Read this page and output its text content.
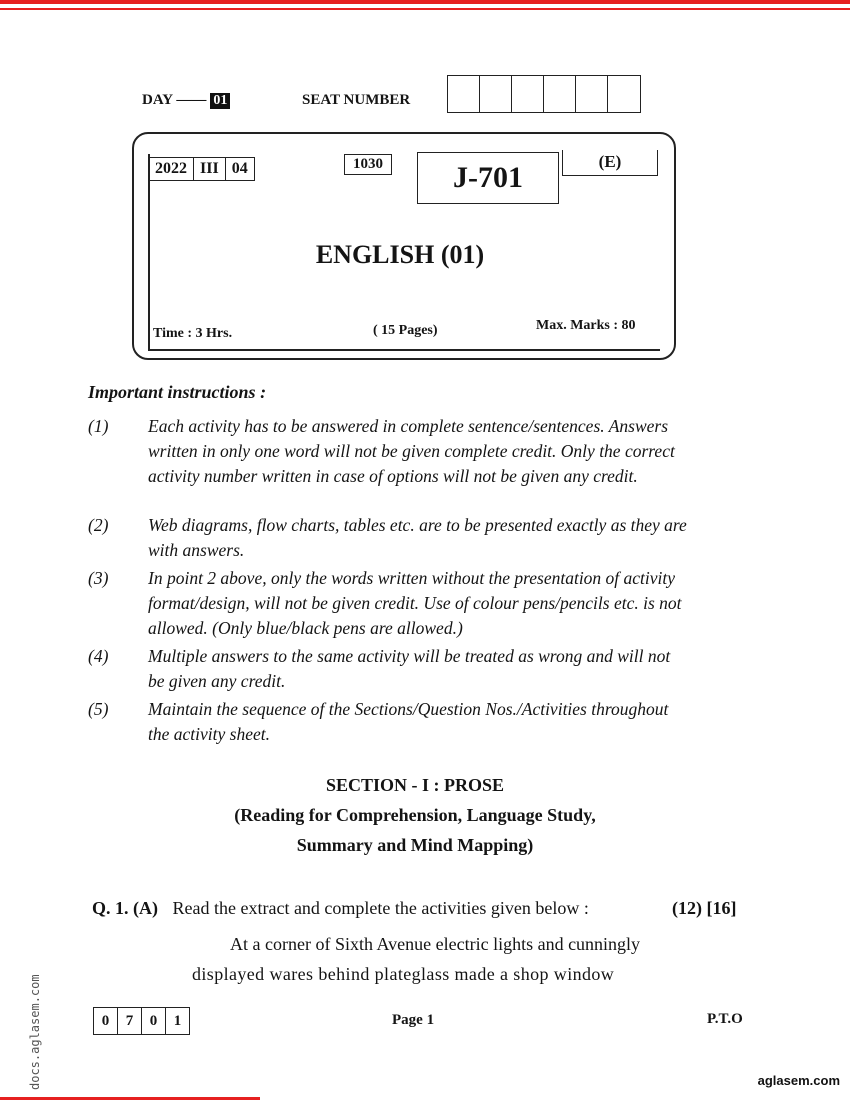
DAY —— 01	SEAT NUMBER
2022 III 04	1030	J-701	(E)
ENGLISH (01)
Time : 3 Hrs.	( 15 Pages)	Max. Marks : 80
Important instructions :
(1)	Each activity has to be answered in complete sentence/sentences. Answers written in only one word will not be given complete credit. Only the correct activity number written in case of options will not be given any credit.
(2)	Web diagrams, flow charts, tables etc. are to be presented exactly as they are with answers.
(3)	In point 2 above, only the words written without the presentation of activity format/design, will not be given credit. Use of colour pens/pencils etc. is not allowed. (Only blue/black pens are allowed.)
(4)	Multiple answers to the same activity will be treated as wrong and will not be given any credit.
(5)	Maintain the sequence of the Sections/Question Nos./Activities throughout the activity sheet.
SECTION - I : PROSE
(Reading for Comprehension, Language Study,
Summary and Mind Mapping)
Q. 1. (A) Read the extract and complete the activities given below :	(12) [16]
At a corner of Sixth Avenue electric lights and cunningly
displayed wares behind plateglass made a shop window
0	7	0	1	Page 1	P.T.O
docs.aglasem.com	aglasem.com
